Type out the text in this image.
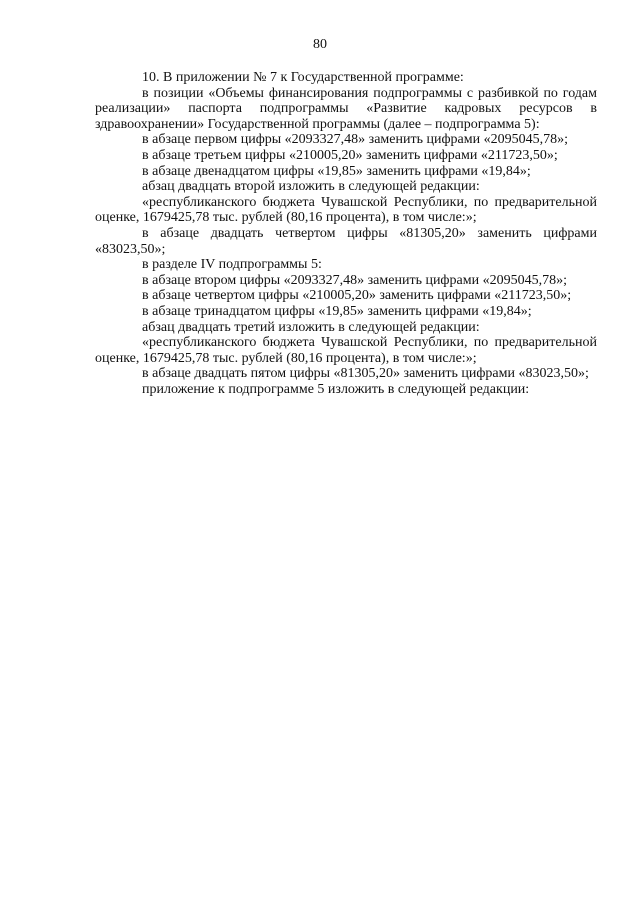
80

10. В приложении № 7 к Государственной программе:

в позиции «Объемы финансирования подпрограммы с разбивкой по годам реализации» паспорта подпрограммы «Развитие кадровых ресурсов в здравоохранении» Государственной программы (далее – подпрограмма 5):

в абзаце первом цифры «2093327,48» заменить цифрами «2095045,78»;

в абзаце третьем цифры «210005,20» заменить цифрами «211723,50»;

в абзаце двенадцатом цифры «19,85» заменить цифрами «19,84»;

абзац двадцать второй изложить в следующей редакции:

«республиканского бюджета Чувашской Республики, по предварительной оценке, 1679425,78 тыс. рублей (80,16 процента), в том числе:»;

в абзаце двадцать четвертом цифры «81305,20» заменить цифрами «83023,50»;

в разделе IV подпрограммы 5:

в абзаце втором цифры «2093327,48» заменить цифрами «2095045,78»;

в абзаце четвертом цифры «210005,20» заменить цифрами «211723,50»;

в абзаце тринадцатом цифры «19,85» заменить цифрами «19,84»;

абзац двадцать третий изложить в следующей редакции:

«республиканского бюджета Чувашской Республики, по предварительной оценке, 1679425,78 тыс. рублей (80,16 процента), в том числе:»;

в абзаце двадцать пятом цифры «81305,20» заменить цифрами «83023,50»;

приложение к подпрограмме 5 изложить в следующей редакции:
